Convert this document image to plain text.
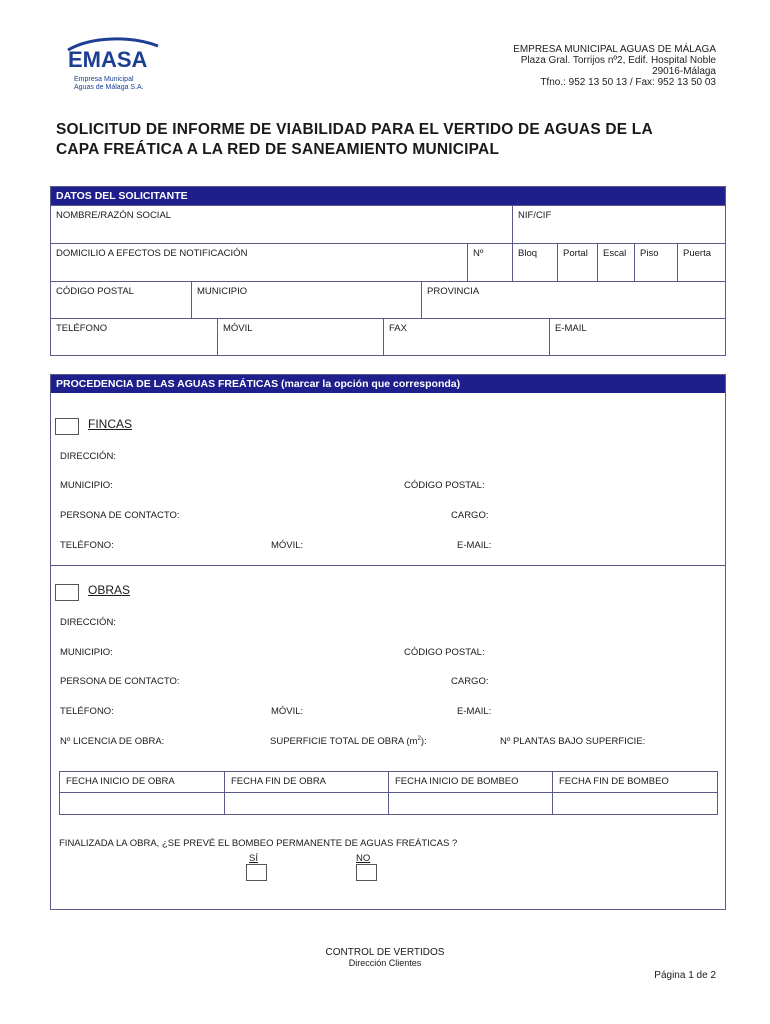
EMASA
Empresa Municipal
Aguas de Málaga S.A.
EMPRESA MUNICIPAL AGUAS DE MÁLAGA
Plaza Gral. Torrijos nº2, Edif. Hospital Noble
29016-Málaga
Tfno.: 952 13 50 13 / Fax: 952 13 50 03
SOLICITUD DE INFORME DE VIABILIDAD PARA EL VERTIDO DE AGUAS DE LA
CAPA FREÁTICA A LA RED DE SANEAMIENTO MUNICIPAL
DATOS DEL SOLICITANTE
NOMBRE/RAZÓN SOCIAL	NIF/CIF
DOMICILIO A EFECTOS DE NOTIFICACIÓN	Nº	Bloq	Portal	Escal	Piso	Puerta
CÓDIGO POSTAL	MUNICIPIO	PROVINCIA
TELÉFONO	MÓVIL	FAX	E-MAIL
PROCEDENCIA DE LAS AGUAS FREÁTICAS (marcar la opción que corresponda)
FINCAS
DIRECCIÓN:
MUNICIPIO:	CÓDIGO POSTAL:
PERSONA DE CONTACTO:	CARGO:
TELÉFONO:	MÓVIL:	E-MAIL:
OBRAS
DIRECCIÓN:
MUNICIPIO:	CÓDIGO POSTAL:
PERSONA DE CONTACTO:	CARGO:
TELÉFONO:	MÓVIL:	E-MAIL:
Nº LICENCIA DE OBRA:	SUPERFICIE TOTAL DE OBRA $(m^2)$:	Nº PLANTAS BAJO SUPERFICIE:
FECHA INICIO DE OBRA	FECHA FIN DE OBRA	FECHA INICIO DE BOMBEO	FECHA FIN DE BOMBEO
FINALIZADA LA OBRA, ¿SE PREVÉ EL BOMBEO PERMANENTE DE AGUAS FREÁTICAS ?
SÍ	NO
CONTROL DE VERTIDOS
Dirección Clientes
Página 1 de 2
